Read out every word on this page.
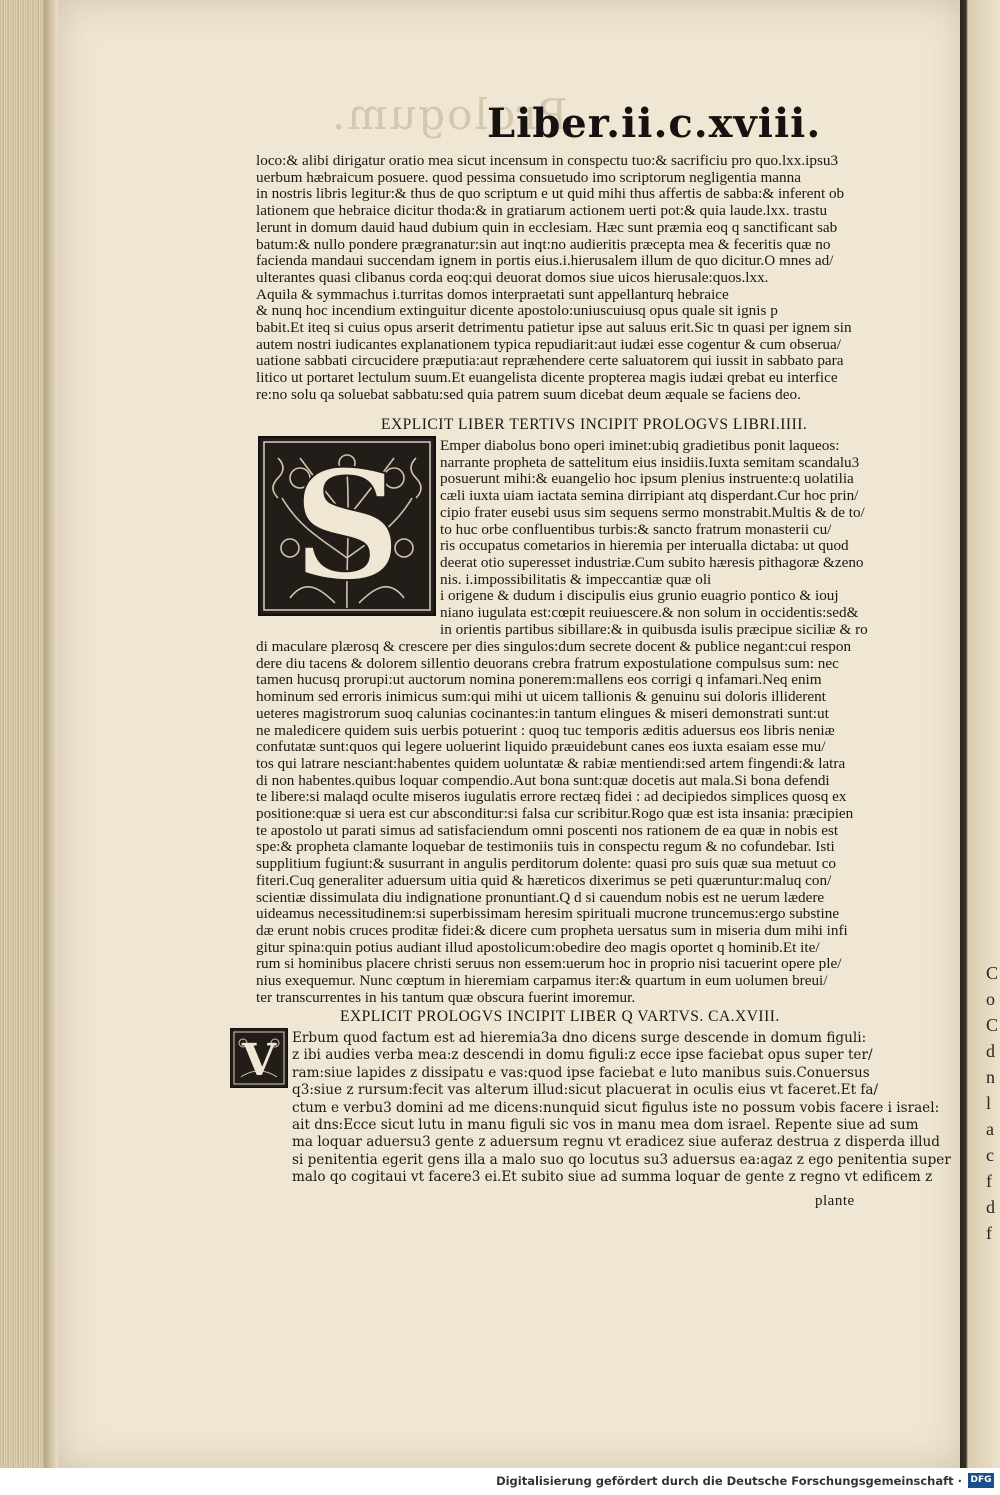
Prologum.
Liber.ii.c.xviii.
loco:& alibi dirigatur oratio mea sicut incensum in conspectu tuo:& sacrificiu pro quo.lxx.ipsu3
uerbum hæbraicum posuere. quod pessima consuetudo imo scriptorum negligentia manna
in nostris libris legitur:& thus de quo scriptum e ut quid mihi thus affertis de sabba:& inferent ob
lationem que hebraice dicitur thoda:& in gratiarum actionem uerti pot:& quia laude.lxx. trastu
lerunt in domum dauid haud dubium quin in ecclesiam. Hæc sunt præmia eoq q sanctificant sab
batum:& nullo pondere prægranatur:sin aut inqt:no audieritis præcepta mea & feceritis quæ no
facienda mandaui succendam ignem in portis eius.i.hierusalem illum de quo dicitur.O mnes ad/
ulterantes quasi clibanus corda eoq:qui deuorat domos siue uicos hierusale:quos.lxx.
Aquila & symmachus i.turritas domos interpraetati sunt appellanturq hebraice
& nunq hoc incendium extinguitur dicente apostolo:uniuscuiusq opus quale sit ignis p
babit.Et iteq si cuius opus arserit detrimentu patietur ipse aut saluus erit.Sic tn quasi per ignem sin
autem nostri iudicantes explanationem typica repudiarit:aut iudæi esse cogentur & cum obserua/
uatione sabbati circucidere præputia:aut repræhendere certe saluatorem qui iussit in sabbato para
litico ut portaret lectulum suum.Et euangelista dicente propterea magis iudæi qrebat eu interfice
re:no solu qa soluebat sabbatu:sed quia patrem suum dicebat deum æquale se faciens deo.
EXPLICIT LIBER TERTIVS INCIPIT PROLOGVS LIBRI.IIII.
S	Emper diabolus bono operi iminet:ubiq gradietibus ponit laqueos:
narrante propheta de sattelitum eius insidiis.Iuxta semitam scandalu3
posuerunt mihi:& euangelio hoc ipsum plenius instruente:q uolatilia
cæli iuxta uiam iactata semina dirripiant atq disperdant.Cur hoc prin/
cipio frater eusebi usus sim sequens sermo monstrabit.Multis & de to/
to huc orbe confluentibus turbis:& sancto fratrum monasterii cu/
ris occupatus cometarios in hieremia per interualla dictaba: ut quod
deerat otio superesset industriæ.Cum subito hæresis pithagoræ &zeno
nis. i.impossibilitatis & impeccantiæ quæ oli
i origene & dudum i discipulis eius grunio euagrio pontico & iouj
niano iugulata est:cœpit reuiuescere.& non solum in occidentis:sed&
in orientis partibus sibillare:& in quibusda isulis præcipue siciliæ & ro
di maculare plærosq & crescere per dies singulos:dum secrete docent & publice negant:cui respon
dere diu tacens & dolorem sillentio deuorans crebra fratrum expostulatione compulsus sum: nec
tamen hucusq prorupi:ut auctorum nomina ponerem:mallens eos corrigi q infamari.Neq enim
hominum sed erroris inimicus sum:qui mihi ut uicem tallionis & genuinu sui doloris illiderent
ueteres magistrorum suoq calunias cocinantes:in tantum elingues & miseri demonstrati sunt:ut
ne maledicere quidem suis uerbis potuerint : quoq tuc temporis æditis aduersus eos libris neniæ
confutatæ sunt:quos qui legere uoluerint liquido præuidebunt canes eos iuxta esaiam esse mu/
tos qui latrare nesciant:habentes quidem uoluntatæ & rabiæ mentiendi:sed artem fingendi:& latra
di non habentes.quibus loquar compendio.Aut bona sunt:quæ docetis aut mala.Si bona defendi
te libere:si malaqd oculte miseros iugulatis errore rectæq fidei : ad decipiedos simplices quosq ex
positione:quæ si uera est cur absconditur:si falsa cur scribitur.Rogo quæ est ista insania: præcipien
te apostolo ut parati simus ad satisfaciendum omni poscenti nos rationem de ea quæ in nobis est
spe:& propheta clamante loquebar de testimoniis tuis in conspectu regum & no cofundebar. Isti
supplitium fugiunt:& susurrant in angulis perditorum dolente: quasi pro suis quæ sua metuut co
fiteri.Cuq generaliter aduersum uitia quid & hæreticos dixerimus se peti quæruntur:maluq con/
scientiæ dissimulata diu indignatione pronuntiant.Q d si cauendum nobis est ne uerum lædere
uideamus necessitudinem:si superbissimam heresim spirituali mucrone truncemus:ergo substine
dæ erunt nobis cruces proditæ fidei:& dicere cum propheta uersatus sum in miseria dum mihi infi
gitur spina:quin potius audiant illud apostolicum:obedire deo magis oportet q hominib.Et ite/
rum si hominibus placere christi seruus non essem:uerum hoc in proprio nisi tacuerint opere ple/
nius exequemur. Nunc cœptum in hieremiam carpamus iter:& quartum in eum uolumen breui/
ter transcurrentes in his tantum quæ obscura fuerint imoremur.
EXPLICIT PROLOGVS INCIPIT LIBER Q VARTVS. CA.XVIII.
V Erbum quod factum est ad hieremia3a dno dicens surge descende in domum figuli:
z ibi audies verba mea:z descendi in domu figuli:z ecce ipse faciebat opus super ter/
ram:siue lapides z dissipatu e vas:quod ipse faciebat e luto manibus suis.Conuersus
q3:siue z rursum:fecit vas alterum illud:sicut placuerat in oculis eius vt faceret.Et fa/
ctum e verbu3 domini ad me dicens:nunquid sicut figulus iste no possum vobis facere i israel:
ait dns:Ecce sicut lutu in manu figuli sic vos in manu mea dom israel. Repente siue ad sum
ma loquar aduersu3 gente z aduersum regnu vt eradicez siue auferaz destrua z disperda illud
si penitentia egerit gens illa a malo suo qo locutus su3 aduersus ea:agaz z ego penitentia super
malo qo cogitaui vt facere3 ei.Et subito siue ad summa loquar de gente z regno vt edificem z
plante
C
o
C
d
n
l
a
c
f
d
f
Digitalisierung gefördert durch die Deutsche Forschungsgemeinschaft · DFG
